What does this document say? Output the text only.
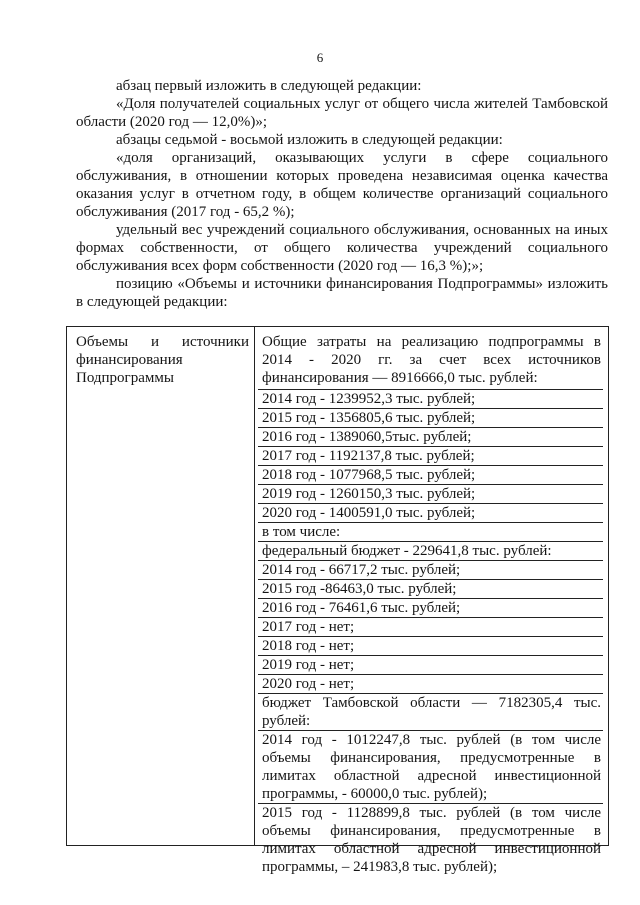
6

абзац первый изложить в следующей редакции:

«Доля получателей социальных услуг от общего числа жителей Тамбовской области (2020 год — 12,0%)»;

абзацы седьмой - восьмой изложить в следующей редакции:

«доля организаций, оказывающих услуги в сфере социального обслуживания, в отношении которых проведена независимая оценка качества оказания услуг в отчетном году, в общем количестве организаций социального обслуживания (2017 год - 65,2 %);

удельный вес учреждений социального обслуживания, основанных на иных формах собственности, от общего количества учреждений социального обслуживания всех форм собственности (2020 год — 16,3 %);»;

позицию «Объемы и источники финансирования Подпрограммы» изложить в следующей редакции:

Объемы и источники
финансирования
Подпрограммы
Общие затраты на реализацию подпрограммы в 2014 - 2020 гг. за счет всех источников финансирования — 8916666,0 тыс. рублей:
2014 год - 1239952,3 тыс. рублей;
2015 год - 1356805,6 тыс. рублей;
2016 год - 1389060,5тыс. рублей;
2017 год - 1192137,8 тыс. рублей;
2018 год - 1077968,5 тыс. рублей;
2019 год - 1260150,3 тыс. рублей;
2020 год - 1400591,0 тыс. рублей;
в том числе:
федеральный бюджет - 229641,8 тыс. рублей:
2014 год - 66717,2 тыс. рублей;
2015 год -86463,0 тыс. рублей;
2016 год - 76461,6 тыс. рублей;
2017 год - нет;
2018 год - нет;
2019 год - нет;
2020 год - нет;
бюджет Тамбовской области — 7182305,4 тыс. рублей:
2014 год - 1012247,8 тыс. рублей (в том числе объемы финансирования, предусмотренные в лимитах областной адресной инвестиционной программы, - 60000,0 тыс. рублей);
2015 год - 1128899,8 тыс. рублей (в том числе объемы финансирования, предусмотренные в лимитах областной адресной инвестиционной программы, – 241983,8 тыс. рублей);
